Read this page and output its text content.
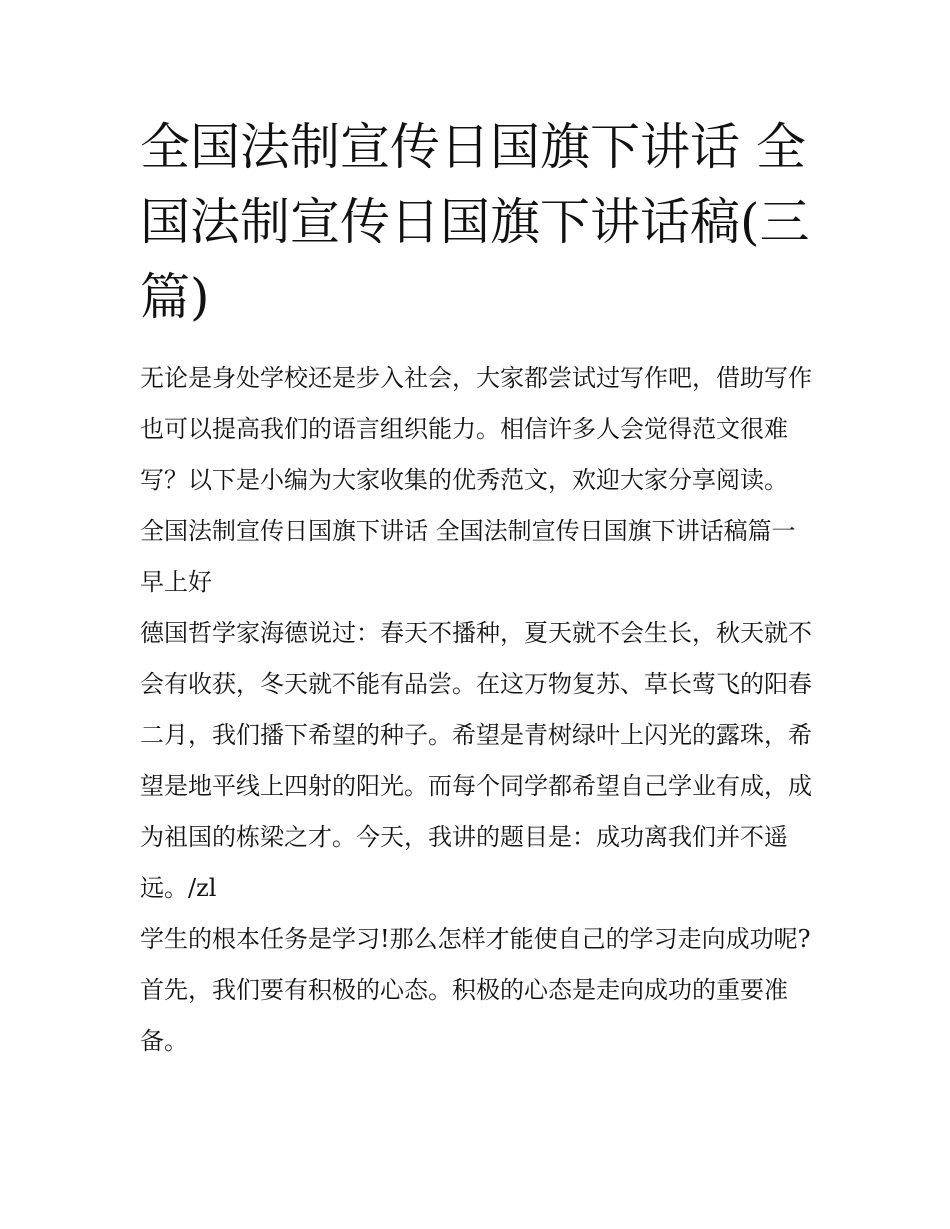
全国法制宣传日国旗下讲话 全国法制宣传日国旗下讲话稿(三篇)

无论是身处学校还是步入社会，大家都尝试过写作吧，借助写作也可以提高我们的语言组织能力。相信许多人会觉得范文很难写？以下是小编为大家收集的优秀范文，欢迎大家分享阅读。

全国法制宣传日国旗下讲话 全国法制宣传日国旗下讲话稿篇一 早上好

德国哲学家海德说过：春天不播种，夏天就不会生长，秋天就不会有收获，冬天就不能有品尝。在这万物复苏、草长莺飞的阳春二月，我们播下希望的种子。希望是青树绿叶上闪光的露珠，希望是地平线上四射的阳光。而每个同学都希望自己学业有成，成为祖国的栋梁之才。今天，我讲的题目是：成功离我们并不遥远。/zl

学生的根本任务是学习!那么怎样才能使自己的学习走向成功呢? 首先，我们要有积极的心态。积极的心态是走向成功的重要准备。
